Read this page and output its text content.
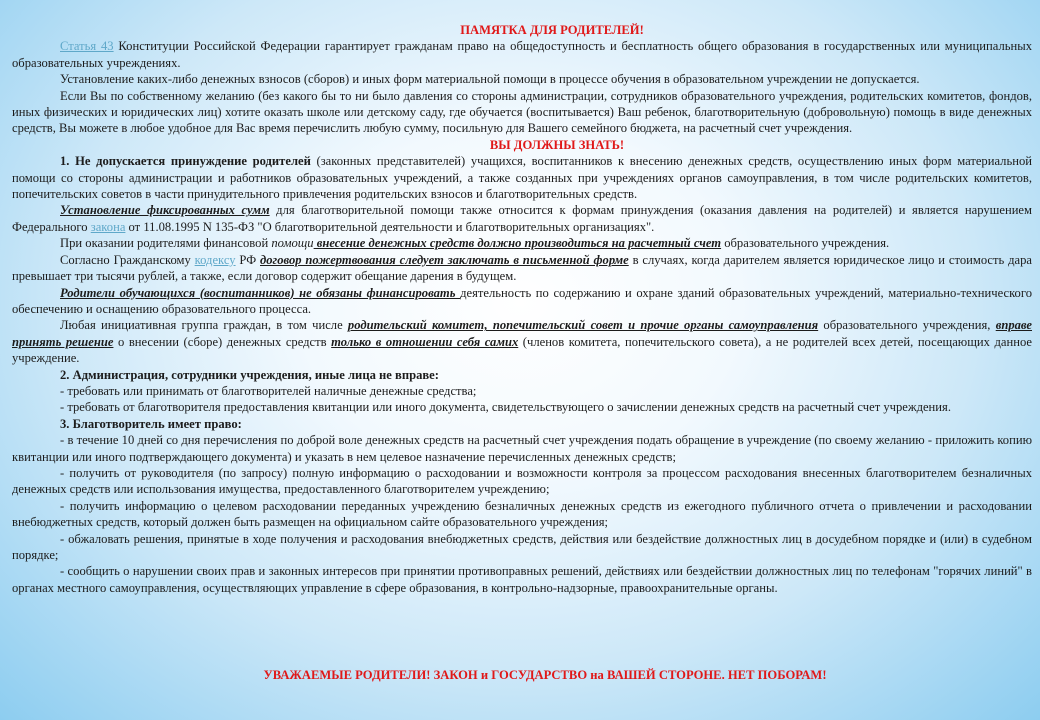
ПАМЯТКА ДЛЯ РОДИТЕЛЕЙ!

Статья 43 Конституции Российской Федерации гарантирует гражданам право на общедоступность и бесплатность общего образования в государственных или муниципальных образовательных учреждениях.

Установление каких-либо денежных взносов (сборов) и иных форм материальной помощи в процессе обучения в образовательном учреждении не допускается.

Если Вы по собственному желанию (без какого бы то ни было давления со стороны администрации, сотрудников образовательного учреждения, родительских комитетов, фондов, иных физических и юридических лиц) хотите оказать школе или детскому саду, где обучается (воспитывается) Ваш ребенок, благотворительную (добровольную) помощь в виде денежных средств, Вы можете в любое удобное для Вас время перечислить любую сумму, посильную для Вашего семейного бюджета, на расчетный счет учреждения.

ВЫ ДОЛЖНЫ ЗНАТЬ!

1. Не допускается принуждение родителей (законных представителей) учащихся, воспитанников к внесению денежных средств, осуществлению иных форм материальной помощи со стороны администрации и работников образовательных учреждений, а также созданных при учреждениях органов самоуправления, в том числе родительских комитетов, попечительских советов в части принудительного привлечения родительских взносов и благотворительных средств.

Установление фиксированных сумм для благотворительной помощи также относится к формам принуждения (оказания давления на родителей) и является нарушением Федерального закона от 11.08.1995 N 135-ФЗ "О благотворительной деятельности и благотворительных организациях".

При оказании родителями финансовой помощи внесение денежных средств должно производиться на расчетный счет образовательного учреждения.

Согласно Гражданскому кодексу РФ договор пожертвования следует заключать в письменной форме в случаях, когда дарителем является юридическое лицо и стоимость дара превышает три тысячи рублей, а также, если договор содержит обещание дарения в будущем.

Родители обучающихся (воспитанников) не обязаны финансировать деятельность по содержанию и охране зданий образовательных учреждений, материально-технического обеспечению и оснащению образовательного процесса.

Любая инициативная группа граждан, в том числе родительский комитет, попечительский совет и прочие органы самоуправления образовательного учреждения, вправе принять решение о внесении (сборе) денежных средств только в отношении себя самих (членов комитета, попечительского совета), а не родителей всех детей, посещающих данное учреждение.

2. Администрация, сотрудники учреждения, иные лица не вправе:

- требовать или принимать от благотворителей наличные денежные средства;

- требовать от благотворителя предоставления квитанции или иного документа, свидетельствующего о зачислении денежных средств на расчетный счет учреждения.

3. Благотворитель имеет право:

- в течение 10 дней со дня перечисления по доброй воле денежных средств на расчетный счет учреждения подать обращение в учреждение (по своему желанию - приложить копию квитанции или иного подтверждающего документа) и указать в нем целевое назначение перечисленных денежных средств;

- получить от руководителя (по запросу) полную информацию о расходовании и возможности контроля за процессом расходования внесенных благотворителем безналичных денежных средств или использования имущества, предоставленного благотворителем учреждению;

- получить информацию о целевом расходовании переданных учреждению безналичных денежных средств из ежегодного публичного отчета о привлечении и расходовании внебюджетных средств, который должен быть размещен на официальном сайте образовательного учреждения;

- обжаловать решения, принятые в ходе получения и расходования внебюджетных средств, действия или бездействие должностных лиц в досудебном порядке и (или) в судебном порядке;

- сообщить о нарушении своих прав и законных интересов при принятии противоправных решений, действиях или бездействии должностных лиц по телефонам "горячих линий" в органах местного самоуправления, осуществляющих управление в сфере образования, в контрольно-надзорные, правоохранительные органы.

УВАЖАЕМЫЕ РОДИТЕЛИ! ЗАКОН и ГОСУДАРСТВО на ВАШЕЙ СТОРОНЕ. НЕТ ПОБОРАМ!
